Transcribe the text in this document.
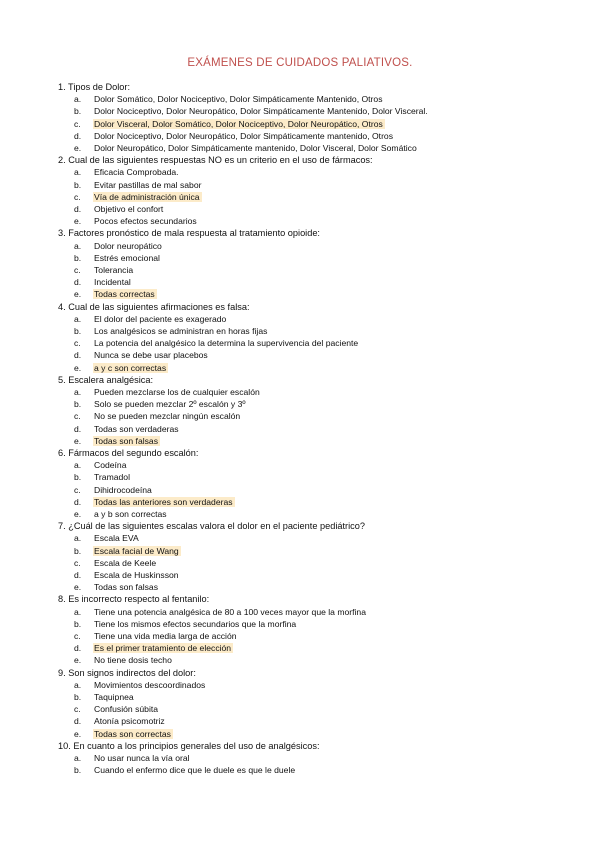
EXÁMENES DE CUIDADOS PALIATIVOS.
1. Tipos de Dolor:
a. Dolor Somático, Dolor Nociceptivo, Dolor Simpáticamente Mantenido, Otros
b. Dolor Nociceptivo, Dolor Neuropático, Dolor Simpáticamente Mantenido, Dolor Visceral.
c. Dolor Visceral, Dolor Somático, Dolor Nociceptivo, Dolor Neuropático, Otros
d. Dolor Nociceptivo, Dolor Neuropático, Dolor Simpáticamente mantenido, Otros
e. Dolor Neuropático, Dolor Simpáticamente mantenido, Dolor Visceral, Dolor Somático
2. Cual de las siguientes respuestas NO es un criterio en el uso de fármacos:
a. Eficacia Comprobada.
b. Evitar pastillas de mal sabor
c. Vía de administración única
d. Objetivo el confort
e. Pocos efectos secundarios
3. Factores pronóstico de mala respuesta al tratamiento opioide:
a. Dolor neuropático
b. Estrés emocional
c. Tolerancia
d. Incidental
e. Todas correctas
4. Cual de las siguientes afirmaciones es falsa:
a. El dolor del paciente es exagerado
b. Los analgésicos se administran en horas fijas
c. La potencia del analgésico la determina la supervivencia del paciente
d. Nunca se debe usar placebos
e. a y c son correctas
5. Escalera analgésica:
a. Pueden mezclarse los de cualquier escalón
b. Solo se pueden mezclar 2º escalón y 3º
c. No se pueden mezclar ningún escalón
d. Todas son verdaderas
e. Todas son falsas
6. Fármacos del segundo escalón:
a. Codeína
b. Tramadol
c. Dihidrocodeína
d. Todas las anteriores son verdaderas
e. a y b son correctas
7. ¿Cuál de las siguientes escalas valora el dolor en el paciente pediátrico?
a. Escala EVA
b. Escala facial de Wang
c. Escala de Keele
d. Escala de Huskinsson
e. Todas son falsas
8. Es incorrecto respecto al fentanilo:
a. Tiene una potencia analgésica de 80 a 100 veces mayor que la morfina
b. Tiene los mismos efectos secundarios que la morfina
c. Tiene una vida media larga de acción
d. Es el primer tratamiento de elección
e. No tiene dosis techo
9. Son signos indirectos del dolor:
a. Movimientos descoordinados
b. Taquipnea
c. Confusión súbita
d. Atonía psicomotriz
e. Todas son correctas
10. En cuanto a los principios generales del uso de analgésicos:
a. No usar nunca la vía oral
b. Cuando el enfermo dice que le duele es que le duele
